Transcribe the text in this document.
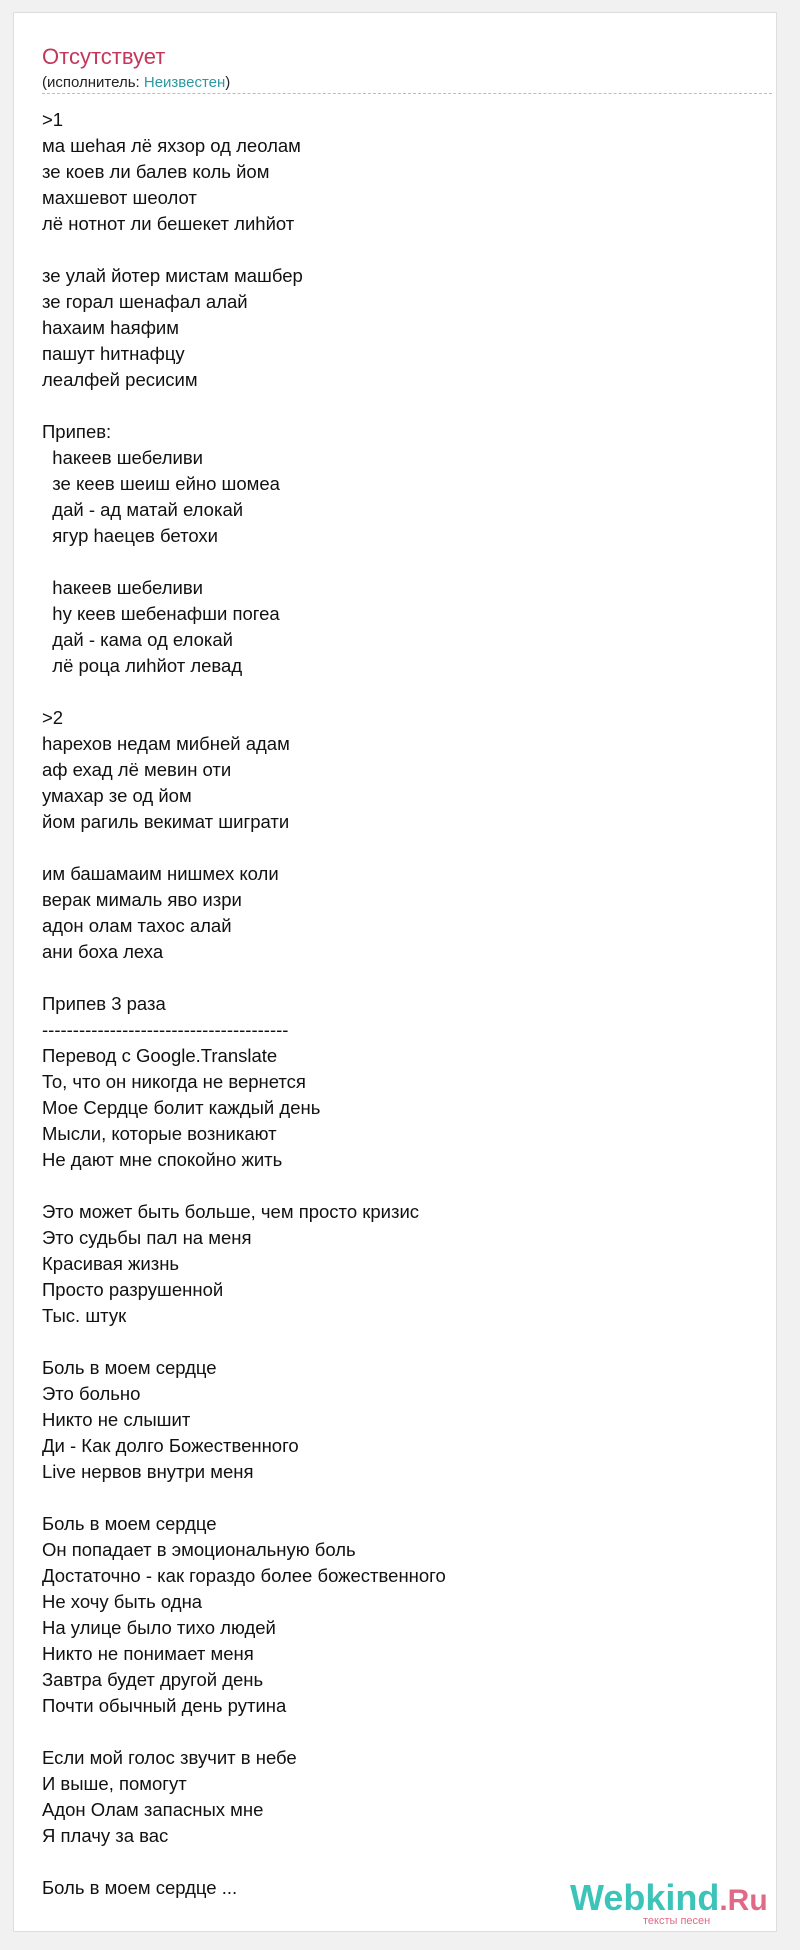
Отсутствует
(исполнитель: Неизвестен)
>1
ма шеhая лё яхзор од леолам
зе коев ли балев коль йом
махшевот шеолот
лё нотнот ли бешекет лиhйот
зе улай йотер мистам машбер
зе горал шенафал алай
hахаим hаяфим
пашут hитнафцу
леалфей ресисим
Припев:
hакеев шебеливи
зе кеев шеиш ейно шомеа
дай - ад матай елокай
ягур hаецев бетохи
hакеев шебеливи
hу кеев шебенафши погеа
дай - кама од елокай
лё роца лиhйот левад
>2
hарехов недам мибней адам
аф ехад лё мевин оти
умахар зе од йом
йом рагиль векимат шиграти
им башамаим нишмех коли
верак мималь яво изри
адон олам тахос алай
ани боха леха
Припев 3 раза
----------------------------------------
Перевод с Google.Translate
То, что он никогда не вернется
Мое Сердце болит каждый день
Мысли, которые возникают
Не дают мне спокойно жить
Это может быть больше, чем просто кризис
Это судьбы пал на меня
Красивая жизнь
Просто разрушенной
Тыс. штук
Боль в моем сердце
Это больно
Никто не слышит
Ди - Как долго Божественного
Live нервов внутри меня
Боль в моем сердце
Он попадает в эмоциональную боль
Достаточно - как гораздо более божественного
Не хочу быть одна
На улице было тихо людей
Никто не понимает меня
Завтра будет другой день
Почти обычный день рутина
Если мой голос звучит в небе
И выше, помогут
Адон Олам запасных мне
Я плачу за вас
Боль в моем сердце ...	Webkind.Ru
тексты песен
